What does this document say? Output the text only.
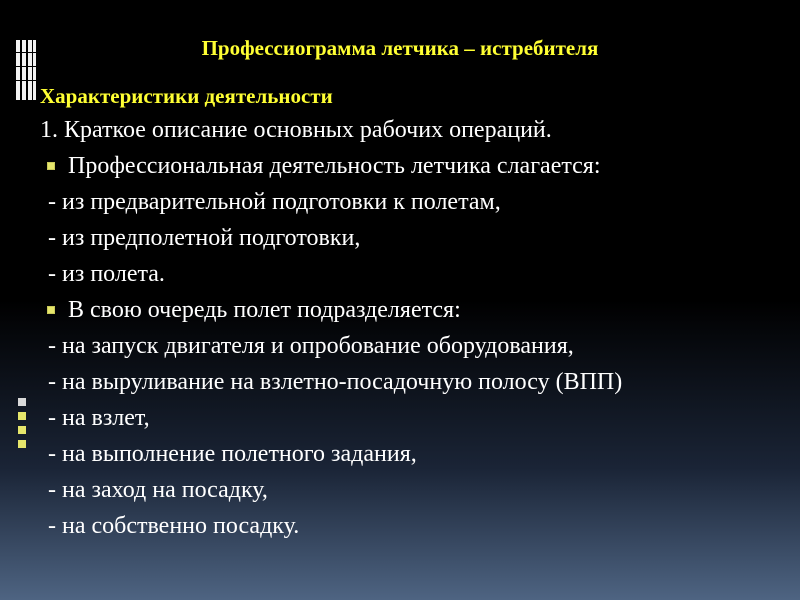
Профессиограмма летчика – истребителя
Характеристики деятельности
1. Краткое описание основных рабочих операций.
Профессиональная деятельность летчика слагается:
- из предварительной подготовки к полетам,
- из предполетной подготовки,
- из полета.
В свою очередь полет подразделяется:
- на запуск двигателя и опробование оборудования,
- на выруливание на взлетно-посадочную полосу (ВПП)
- на взлет,
- на выполнение полетного задания,
- на заход на посадку,
- на собственно посадку.
